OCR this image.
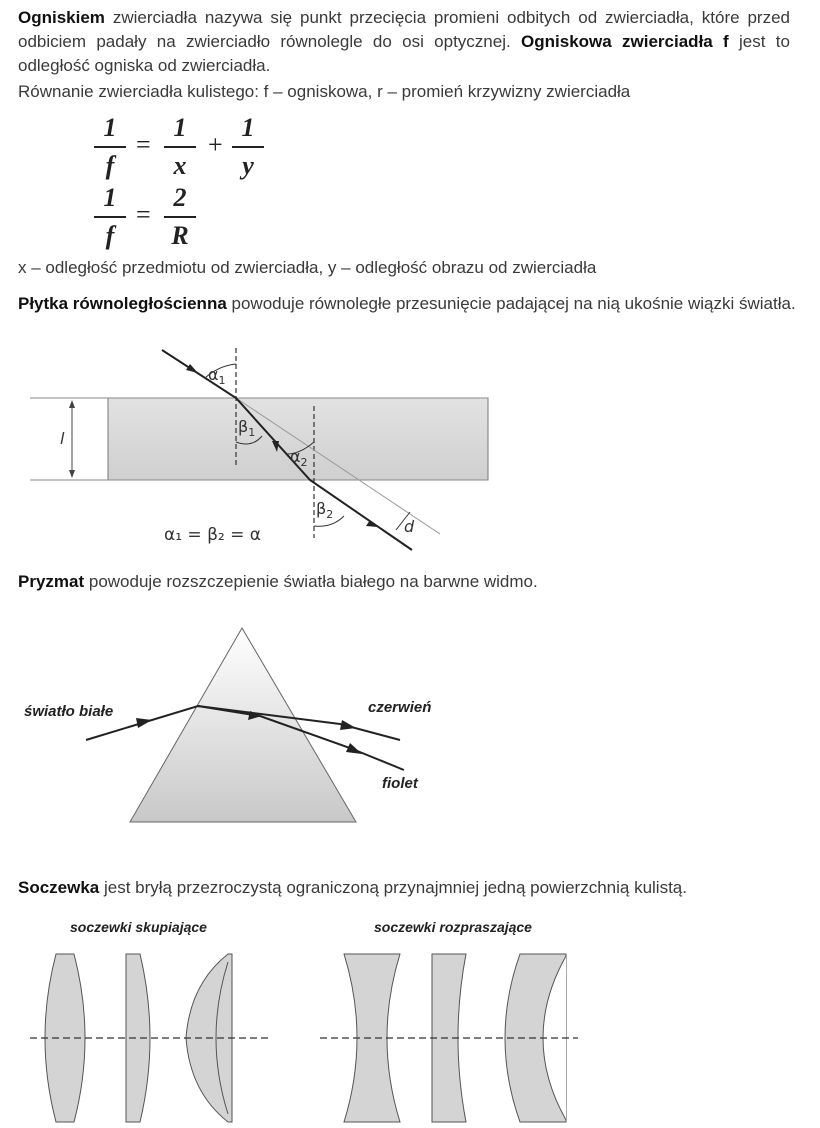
Ogniskiem zwierciadła nazywa się punkt przecięcia promieni odbitych od zwierciadła, które przed odbiciem padały na zwierciadło równolegle do osi optycznej. Ogniskowa zwierciadła f jest to odległość ogniska od zwierciadła.

Równanie zwierciadła kulistego: f – ogniskowa, r – promień krzywizny zwierciadła

1
f
=
1
x
+
1
y
1
f
=
2
R

x – odległość przedmiotu od zwierciadła, y – odległość obrazu od zwierciadła

Płytka równoległościenna powoduje równoległe przesunięcie padającej na nią ukośnie wiązki światła.

l
$\alpha_1$
$\beta_1$
$\alpha_2$
$\beta_2$
d
α₁ = β₂ = α

Pryzmat powoduje rozszczepienie światła białego na barwne widmo.

światło białe	czerwień
fiolet

Soczewka jest bryłą przezroczystą ograniczoną przynajmniej jedną powierzchnią kulistą.

soczewki skupiające	soczewki rozpraszające
